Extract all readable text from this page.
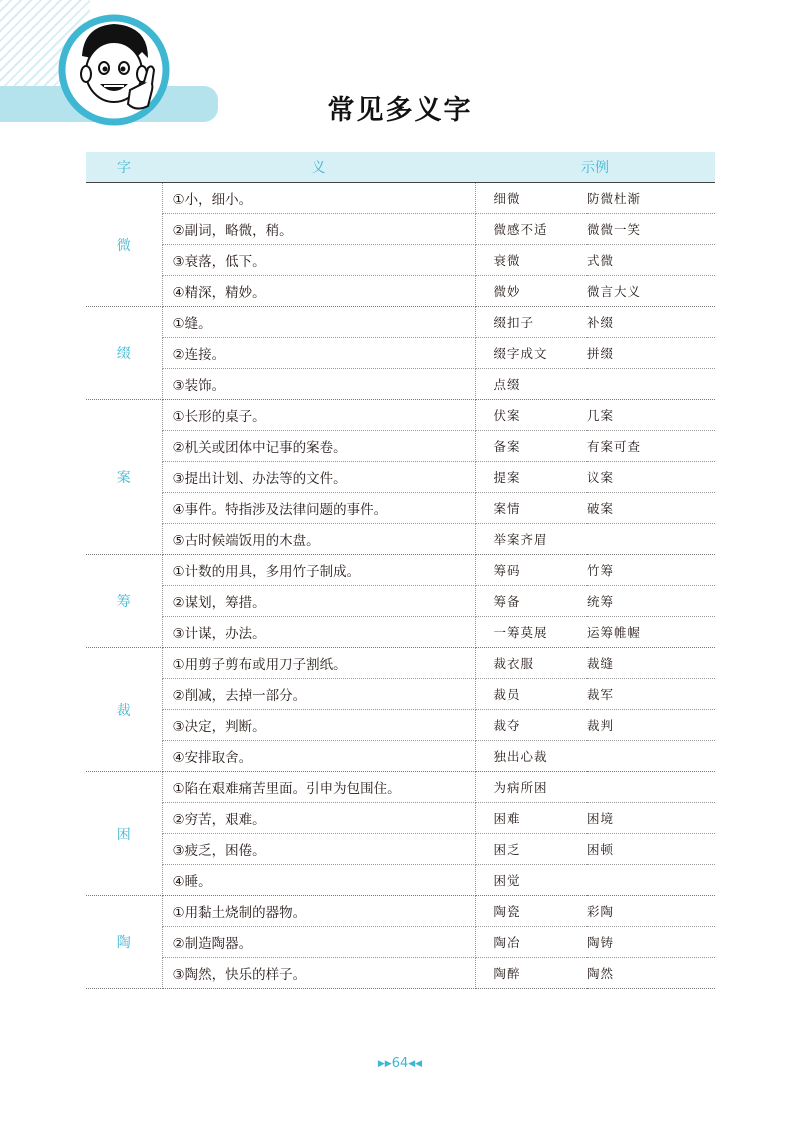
常见多义字
字	义	示例	
微	①小，细小。	细微	防微杜渐
	②副词，略微，稍。	微感不适	微微一笑
	③衰落，低下。	衰微	式微
	④精深，精妙。	微妙	微言大义
缀	①缝。	缀扣子	补缀
	②连接。	缀字成文	拼缀
	③装饰。	点缀	
案	①长形的桌子。	伏案	几案
	②机关或团体中记事的案卷。	备案	有案可查
	③提出计划、办法等的文件。	提案	议案
	④事件。特指涉及法律问题的事件。	案情	破案
	⑤古时候端饭用的木盘。	举案齐眉	
筹	①计数的用具，多用竹子制成。	筹码	竹筹
	②谋划，筹措。	筹备	统筹
	③计谋，办法。	一筹莫展	运筹帷幄
裁	①用剪子剪布或用刀子割纸。	裁衣服	裁缝
	②削减，去掉一部分。	裁员	裁军
	③决定，判断。	裁夺	裁判
	④安排取舍。	独出心裁	
困	①陷在艰难痛苦里面。引申为包围住。	为病所困	
	②穷苦，艰难。	困难	困境
	③疲乏，困倦。	困乏	困顿
	④睡。	困觉	
陶	①用黏土烧制的器物。	陶瓷	彩陶
	②制造陶器。	陶冶	陶铸
	③陶然，快乐的样子。	陶醉	陶然
▶▶64◀◀
